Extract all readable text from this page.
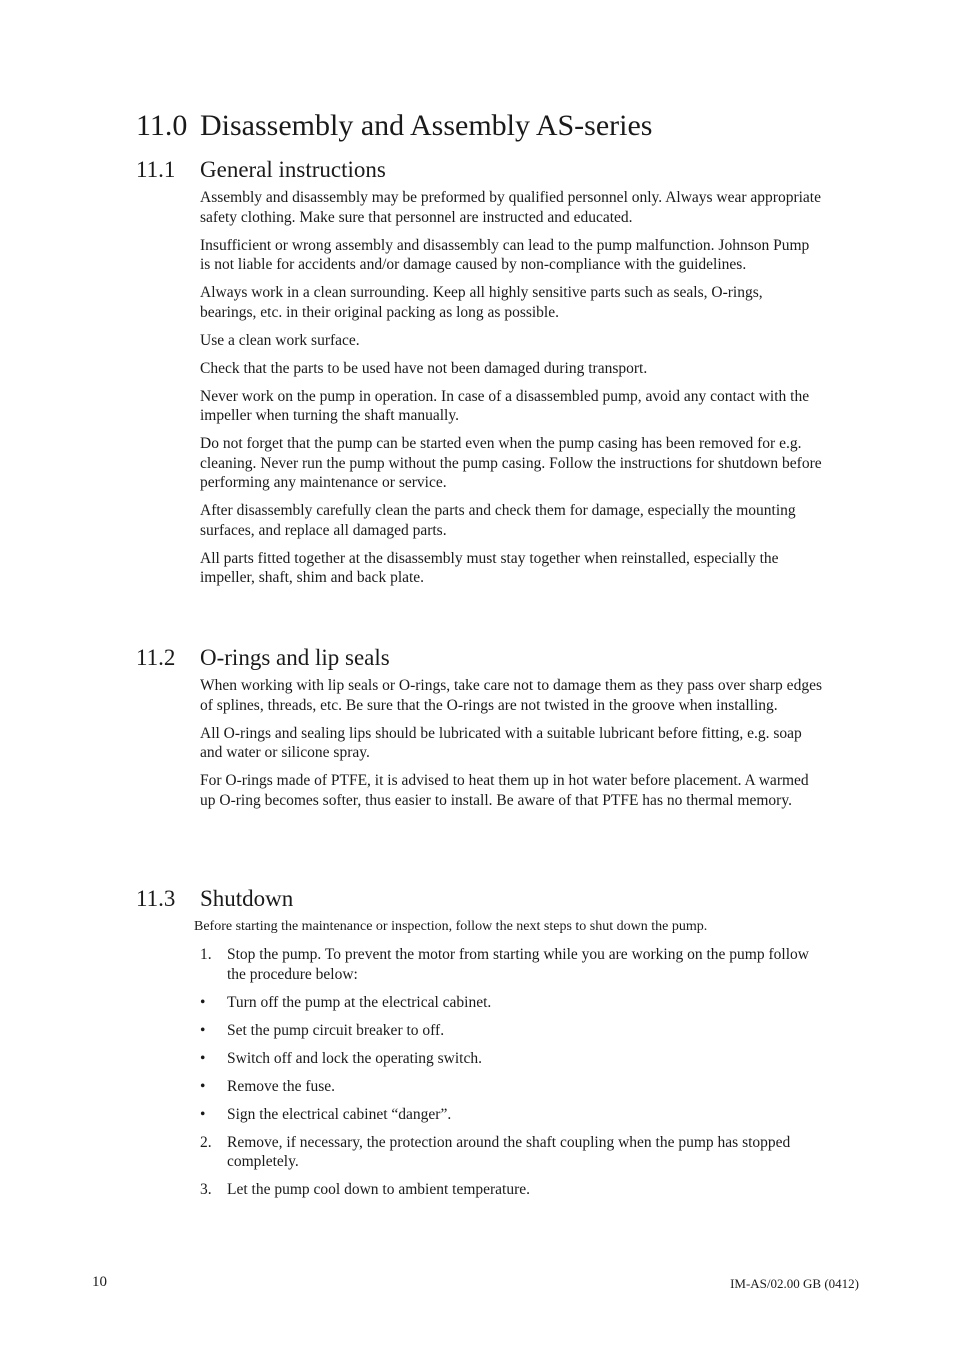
11.0 Disassembly and Assembly AS-series
11.1 General instructions

Assembly and disassembly may be preformed by qualified personnel only. Always wear appropriate safety clothing. Make sure that personnel are instructed and educated.

Insufficient or wrong assembly and disassembly can lead to the pump malfunction. Johnson Pump is not liable for accidents and/or damage caused by non-compliance with the guidelines.

Always work in a clean surrounding. Keep all highly sensitive parts such as seals, O-rings, bearings, etc. in their original packing as long as possible.

Use a clean work surface.

Check that the parts to be used have not been damaged during transport.

Never work on the pump in operation. In case of a disassembled pump, avoid any contact with the impeller when turning the shaft manually.

Do not forget that the pump can be started even when the pump casing has been removed for e.g. cleaning. Never run the pump without the pump casing. Follow the instructions for shutdown before performing any maintenance or service.

After disassembly carefully clean the parts and check them for damage, especially the mounting surfaces, and replace all damaged parts.

All parts fitted together at the disassembly must stay together when reinstalled, especially the impeller, shaft, shim and back plate.

11.2 O-rings and lip seals

When working with lip seals or O-rings, take care not to damage them as they pass over sharp edges of splines, threads, etc. Be sure that the O-rings are not twisted in the groove when installing.

All O-rings and sealing lips should be lubricated with a suitable lubricant before fitting, e.g. soap and water or silicone spray.

For O-rings made of PTFE, it is advised to heat them up in hot water before placement. A warmed up O-ring becomes softer, thus easier to install. Be aware of that PTFE has no thermal memory.

11.3 Shutdown

Before starting the maintenance or inspection, follow the next steps to shut down the pump.

1. Stop the pump. To prevent the motor from starting while you are working on the pump follow the procedure below:
•	Turn off the pump at the electrical cabinet.
•	Set the pump circuit breaker to off.
•	Switch off and lock the operating switch.
•	Remove the fuse.
•	Sign the electrical cabinet “danger”.
2. Remove, if necessary, the protection around the shaft coupling when the pump has stopped completely.
3. Let the pump cool down to ambient temperature.
10	IM-AS/02.00 GB (0412)
